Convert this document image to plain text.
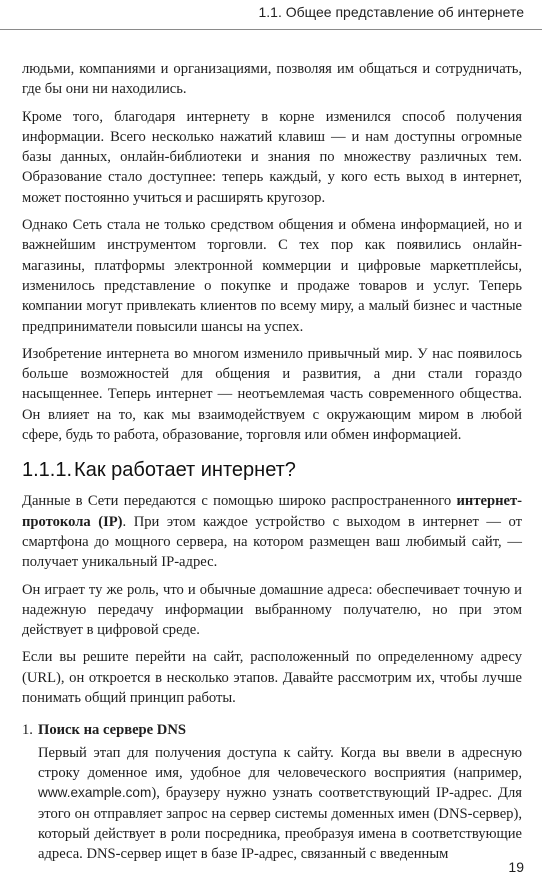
1.1. Общее представление об интернете

людьми, компаниями и организациями, позволяя им общаться и сотрудничать, где бы они ни находились.

Кроме того, благодаря интернету в корне изменился способ получения информации. Всего несколько нажатий клавиш — и нам доступны огромные базы данных, онлайн-библиотеки и знания по множеству различных тем. Образование стало доступнее: теперь каждый, у кого есть выход в интернет, может постоянно учиться и расширять кругозор.

Однако Сеть стала не только средством общения и обмена информацией, но и важнейшим инструментом торговли. С тех пор как появились онлайн-магазины, платформы электронной коммерции и цифровые маркетплейсы, изменилось представление о покупке и продаже товаров и услуг. Теперь компании могут привлекать клиентов по всему миру, а малый бизнес и частные предприниматели повысили шансы на успех.

Изобретение интернета во многом изменило привычный мир. У нас появилось больше возможностей для общения и развития, а дни стали гораздо насыщеннее. Теперь интернет — неотъемлемая часть современного общества. Он влияет на то, как мы взаимодействуем с окружающим миром в любой сфере, будь то работа, образование, торговля или обмен информацией.

1.1.1. Как работает интернет?

Данные в Сети передаются с помощью широко распространенного интернет-протокола (IP). При этом каждое устройство с выходом в интернет — от смартфона до мощного сервера, на котором размещен ваш любимый сайт, — получает уникальный IP-адрес.

Он играет ту же роль, что и обычные домашние адреса: обеспечивает точную и надежную передачу информации выбранному получателю, но при этом действует в цифровой среде.

Если вы решите перейти на сайт, расположенный по определенному адресу (URL), он откроется в несколько этапов. Давайте рассмотрим их, чтобы лучше понимать общий принцип работы.

1. Поиск на сервере DNS

Первый этап для получения доступа к сайту. Когда вы ввели в адресную строку доменное имя, удобное для человеческого восприятия (например, www.example.com), браузеру нужно узнать соответствующий IP-адрес. Для этого он отправляет запрос на сервер системы доменных имен (DNS-сервер), который действует в роли посредника, преобразуя имена в соответствующие адреса. DNS-сервер ищет в базе IP-адрес, связанный с введенным

19
